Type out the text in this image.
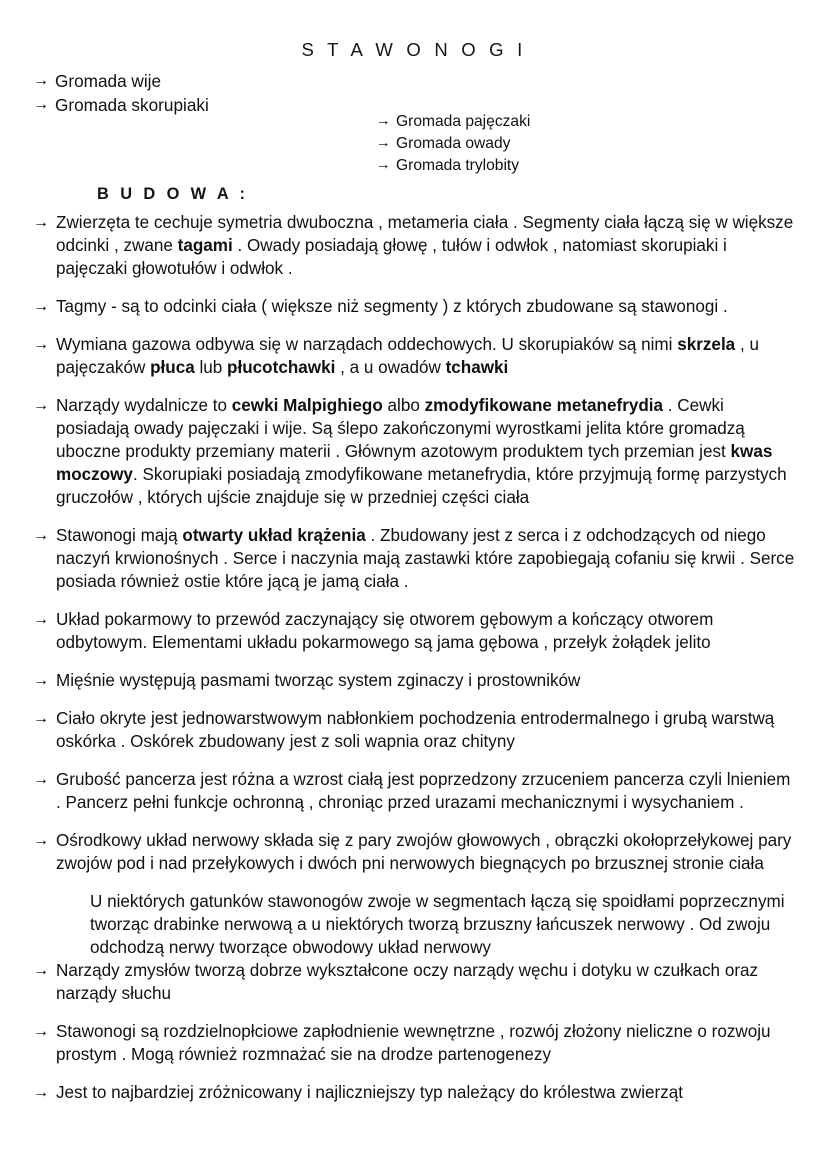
S T A W O N O G I
→ Gromada wije
→ Gromada skorupiaki
→ Gromada pajęczaki
→ Gromada owady
→ Gromada trylobity
B U D O W A :
→ Zwierzęta te cechuje symetria dwuboczna , metameria ciała . Segmenty ciała łączą się w większe odcinki , zwane tagami . Owady posiadają głowę , tułów i odwłok , natomiast skorupiaki i pajęczaki głowotułów i odwłok .
→ Tagmy - są to odcinki ciała ( większe niż segmenty ) z których zbudowane są stawonogi .
→ Wymiana gazowa odbywa się w narządach oddechowych. U skorupiaków są nimi skrzela , u pajęczaków płuca lub płucotchawki , a u owadów tchawki
→ Narządy wydalnicze to cewki Malpighiego albo zmodyfikowane metanefrydia . Cewki posiadają owady pajęczaki i wije. Są ślepo zakończonymi wyrostkami jelita które gromadzą uboczne produkty przemiany materii . Głównym azotowym produktem tych przemian jest kwas moczowy. Skorupiaki posiadają zmodyfikowane metanefrydia, które przyjmują formę parzystych gruczołów , których ujście znajduje się w przedniej części ciała
→ Stawonogi mają otwarty układ krążenia . Zbudowany jest z serca i z odchodzących od niego naczyń krwionośnych . Serce i naczynia mają zastawki które zapobiegają cofaniu się krwii . Serce posiada również ostie które jącą je jamą ciała .
→ Układ pokarmowy to przewód zaczynający się otworem gębowym a kończący otworem odbytowym. Elementami układu pokarmowego są jama gębowa , przełyk żołądek jelito
→ Mięśnie występują pasmami tworząc system zginaczy i prostowników
→ Ciało okryte jest jednowarstwowym nabłonkiem pochodzenia entrodermalnego i grubą warstwą oskórka . Oskórek zbudowany jest z soli wapnia oraz chityny
→ Grubość pancerza jest różna a wzrost ciałą jest poprzedzony zrzuceniem pancerza czyli lnieniem . Pancerz pełni funkcje ochronną , chroniąc przed urazami mechanicznymi i wysychaniem .
→ Ośrodkowy układ nerwowy składa się z pary zwojów głowowych , obrączki okołoprzełykowej pary zwojów pod i nad przełykowych i dwóch pni nerwowych biegnących po brzusznej stronie ciała

U niektórych gatunków stawonogów zwoje w segmentach łączą się spoidłami poprzecznymi tworząc drabinke nerwową a u niektórych tworzą brzuszny łańcuszek nerwowy . Od zwoju odchodzą nerwy tworzące obwodowy układ nerwowy

→ Narządy zmysłów tworzą dobrze wykształcone oczy narządy węchu i dotyku w czułkach oraz narządy słuchu
→ Stawonogi są rozdzielnopłciowe zapłodnienie wewnętrzne , rozwój złożony nieliczne o rozwoju prostym . Mogą również rozmnażać sie na drodze partenogenezy
→ Jest to najbardziej zróżnicowany i najliczniejszy typ należący do królestwa zwierząt
